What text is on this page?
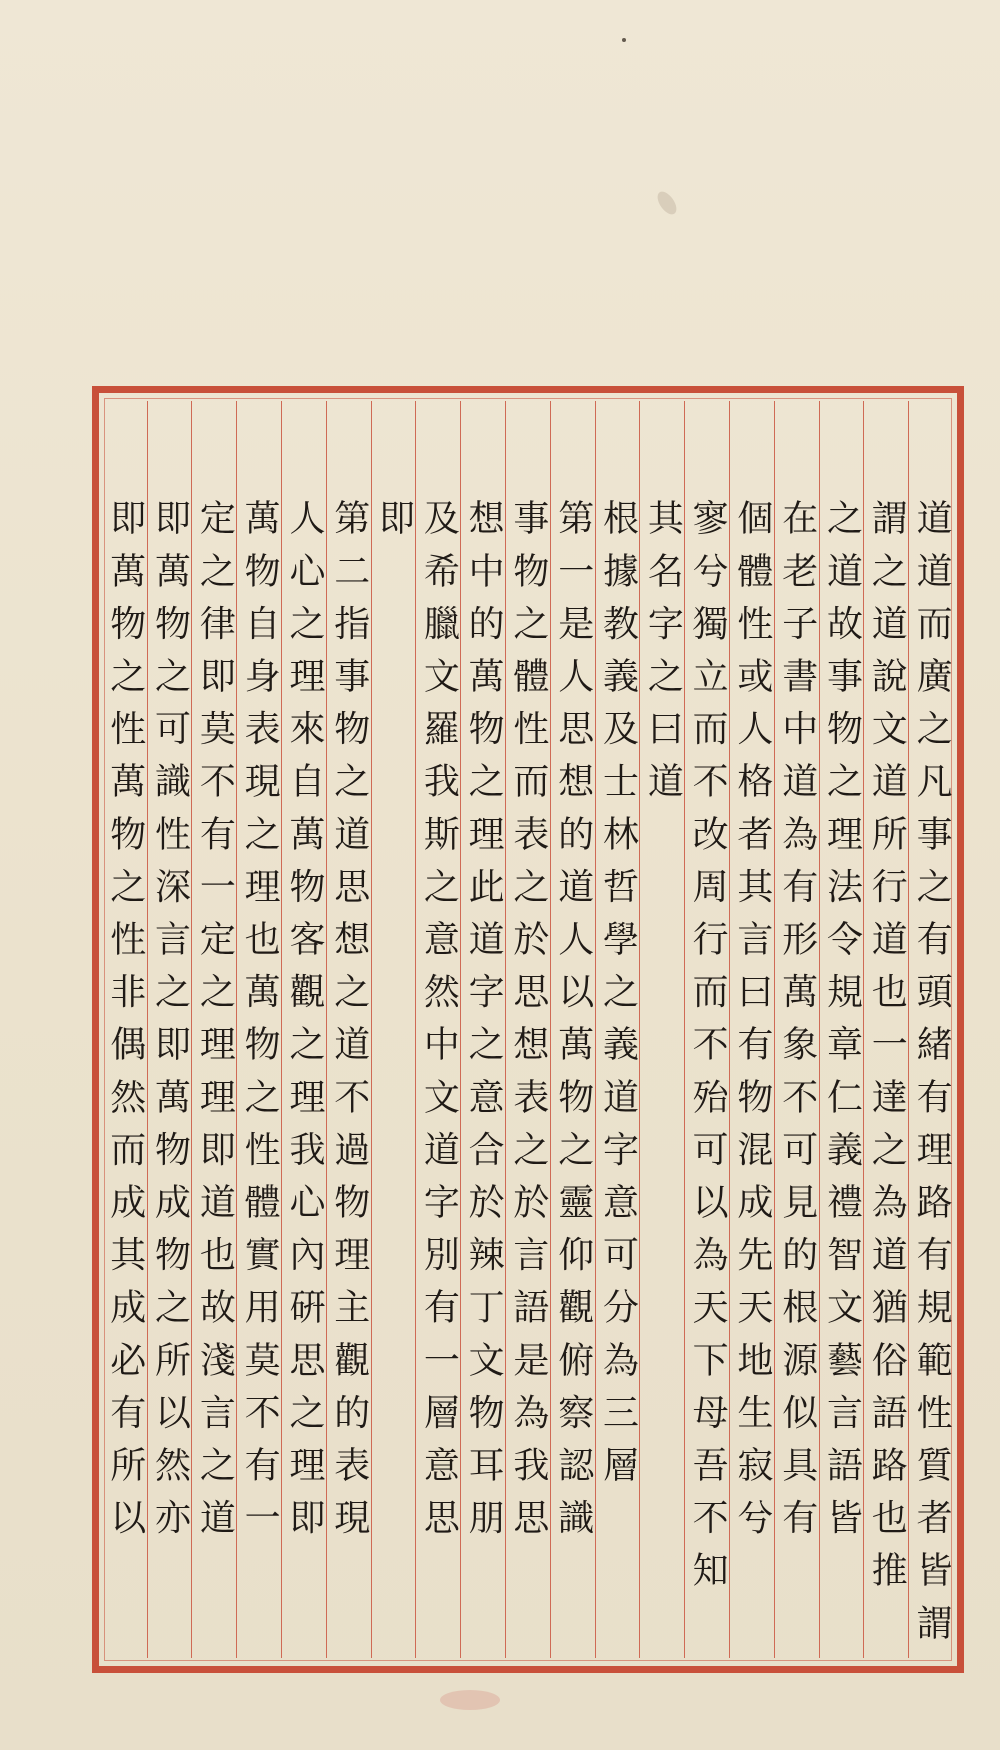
道道而廣之凡事之有頭緒有理路有規範性質者皆謂
謂之道說文道所行道也一達之為道猶俗語路也推
之道故事物之理法令規章仁義禮智文藝言語皆
在老子書中道為有形萬象不可見的根源似具有
個體性或人格者其言曰有物混成先天地生寂兮
寥兮獨立而不改周行而不殆可以為天下母吾不知
其名字之曰道
根據教義及士林哲學之義道字意可分為三層
第一是人思想的道人以萬物之靈仰觀俯察認識
事物之體性而表之於思想表之於言語是為我思
想中的萬物之理此道字之意合於辣丁文物耳朋
及希臘文羅我斯之意然中文道字別有一層意思
即
第二指事物之道思想之道不過物理主觀的表現
人心之理來自萬物客觀之理我心內硏思之理即
萬物自身表現之理也萬物之性體實用莫不有一
定之律即莫不有一定之理理即道也故淺言之道
即萬物之可識性深言之即萬物成物之所以然亦
即萬物之性萬物之性非偶然而成其成必有所以
